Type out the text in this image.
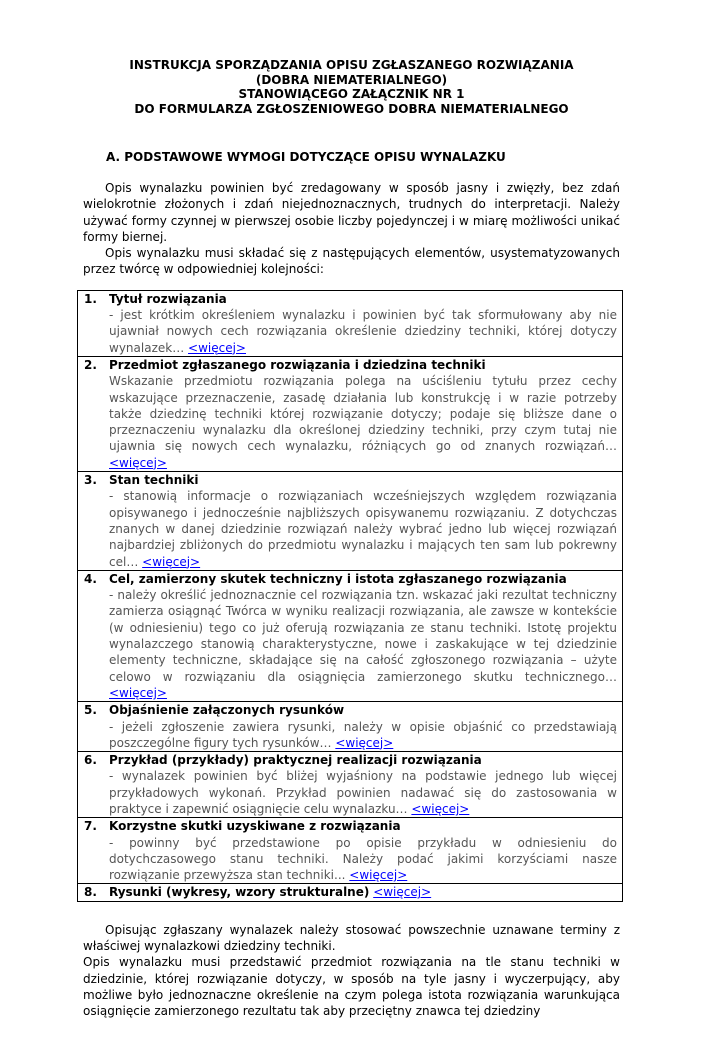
INSTRUKCJA SPORZĄDZANIA OPISU ZGŁASZANEGO ROZWIĄZANIA
(DOBRA NIEMATERIALNEGO)
STANOWIĄCEGO ZAŁĄCZNIK NR 1
DO FORMULARZA ZGŁOSZENIOWEGO DOBRA NIEMATERIALNEGO
A. PODSTAWOWE WYMOGI DOTYCZĄCE OPISU WYNALAZKU

Opis wynalazku powinien być zredagowany w sposób jasny i zwięzły, bez zdań wielokrotnie złożonych i zdań niejednoznacznych, trudnych do interpretacji. Należy używać formy czynnej w pierwszej osobie liczby pojedynczej i w miarę możliwości unikać formy biernej.

Opis wynalazku musi składać się z następujących elementów, usystematyzowanych przez twórcę w odpowiedniej kolejności:

1.	Tytuł rozwiązania
- jest krótkim określeniem wynalazku i powinien być tak sformułowany aby nie ujawniał nowych cech rozwiązania określenie dziedziny techniki, której dotyczy wynalazek… <więcej>

2.	Przedmiot zgłaszanego rozwiązania i dziedzina techniki
Wskazanie przedmiotu rozwiązania polega na uściśleniu tytułu przez cechy wskazujące przeznaczenie, zasadę działania lub konstrukcję i w razie potrzeby także dziedzinę techniki której rozwiązanie dotyczy; podaje się bliższe dane o przeznaczeniu wynalazku dla określonej dziedziny techniki, przy czym tutaj nie ujawnia się nowych cech wynalazku, różniących go od znanych rozwiązań… <więcej>

3.	Stan techniki
- stanowią informacje o rozwiązaniach wcześniejszych względem rozwiązania opisywanego i jednocześnie najbliższych opisywanemu rozwiązaniu. Z dotychczas znanych w danej dziedzinie rozwiązań należy wybrać jedno lub więcej rozwiązań najbardziej zbliżonych do przedmiotu wynalazku i mających ten sam lub pokrewny cel… <więcej>

4.	Cel, zamierzony skutek techniczny i istota zgłaszanego rozwiązania
- należy określić jednoznacznie cel rozwiązania tzn. wskazać jaki rezultat techniczny zamierza osiągnąć Twórca w wyniku realizacji rozwiązania, ale zawsze w kontekście (w odniesieniu) tego co już oferują rozwiązania ze stanu techniki. Istotę projektu wynalazczego stanowią charakterystyczne, nowe i zaskakujące w tej dziedzinie elementy techniczne, składające się na całość zgłoszonego rozwiązania – użyte celowo w rozwiązaniu dla osiągnięcia zamierzonego skutku technicznego… <więcej>

5.	Objaśnienie załączonych rysunków
- jeżeli zgłoszenie zawiera rysunki, należy w opisie objaśnić co przedstawiają poszczególne figury tych rysunków… <więcej>

6.	Przykład (przykłady) praktycznej realizacji rozwiązania
- wynalazek powinien być bliżej wyjaśniony na podstawie jednego lub więcej przykładowych wykonań. Przykład powinien nadawać się do zastosowania w praktyce i zapewnić osiągnięcie celu wynalazku… <więcej>

7.	Korzystne skutki uzyskiwane z rozwiązania
- powinny być przedstawione po opisie przykładu w odniesieniu do dotychczasowego stanu techniki. Należy podać jakimi korzyściami nasze rozwiązanie przewyższa stan techniki... <więcej>

8.	Rysunki (wykresy, wzory strukturalne) <więcej>

Opisując zgłaszany wynalazek należy stosować powszechnie uznawane terminy z właściwej wynalazkowi dziedziny techniki.

Opis wynalazku musi przedstawić przedmiot rozwiązania na tle stanu techniki w dziedzinie, której rozwiązanie dotyczy, w sposób na tyle jasny i wyczerpujący, aby możliwe było jednoznaczne określenie na czym polega istota rozwiązania warunkująca osiągnięcie zamierzonego rezultatu tak aby przeciętny znawca tej dziedziny
